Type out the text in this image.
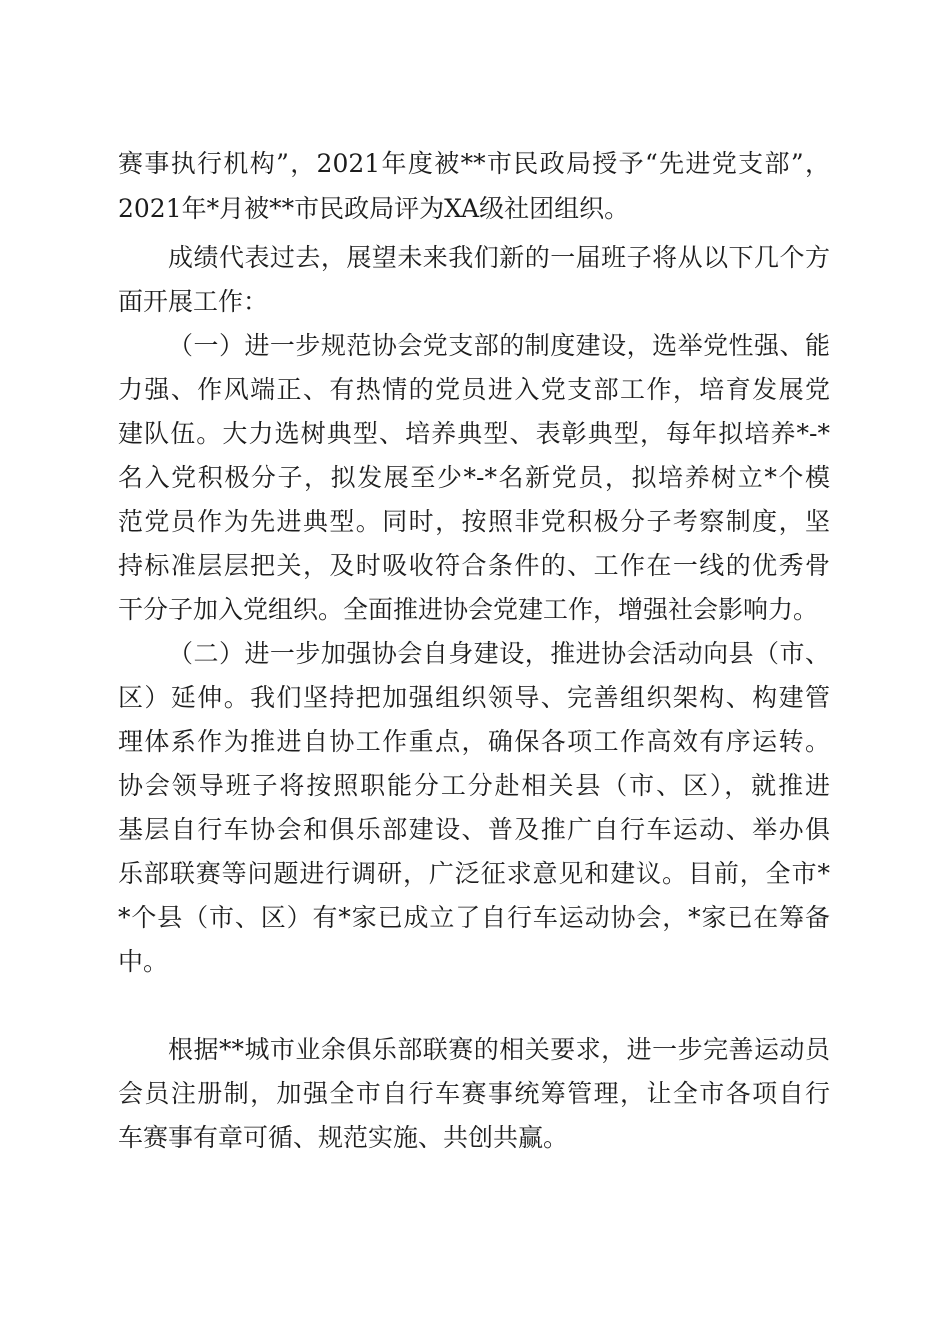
赛事执行机构”，2021年度被**市民政局授予“先进党支部”，
2021年*月被**市民政局评为XA级社团组织。
成绩代表过去，展望未来我们新的一届班子将从以下几个方
面开展工作：
（一）进一步规范协会党支部的制度建设，选举党性强、能
力强、作风端正、有热情的党员进入党支部工作，培育发展党
建队伍。大力选树典型、培养典型、表彰典型，每年拟培养*-*
名入党积极分子，拟发展至少*-*名新党员，拟培养树立*个模
范党员作为先进典型。同时，按照非党积极分子考察制度，坚
持标准层层把关，及时吸收符合条件的、工作在一线的优秀骨
干分子加入党组织。全面推进协会党建工作，增强社会影响力。
（二）进一步加强协会自身建设，推进协会活动向县（市、
区）延伸。我们坚持把加强组织领导、完善组织架构、构建管
理体系作为推进自协工作重点，确保各项工作高效有序运转。
协会领导班子将按照职能分工分赴相关县（市、区），就推进
基层自行车协会和俱乐部建设、普及推广自行车运动、举办俱
乐部联赛等问题进行调研，广泛征求意见和建议。目前，全市*
*个县（市、区）有*家已成立了自行车运动协会，*家已在筹备
中。
根据**城市业余俱乐部联赛的相关要求，进一步完善运动员
会员注册制，加强全市自行车赛事统筹管理，让全市各项自行
车赛事有章可循、规范实施、共创共赢。
